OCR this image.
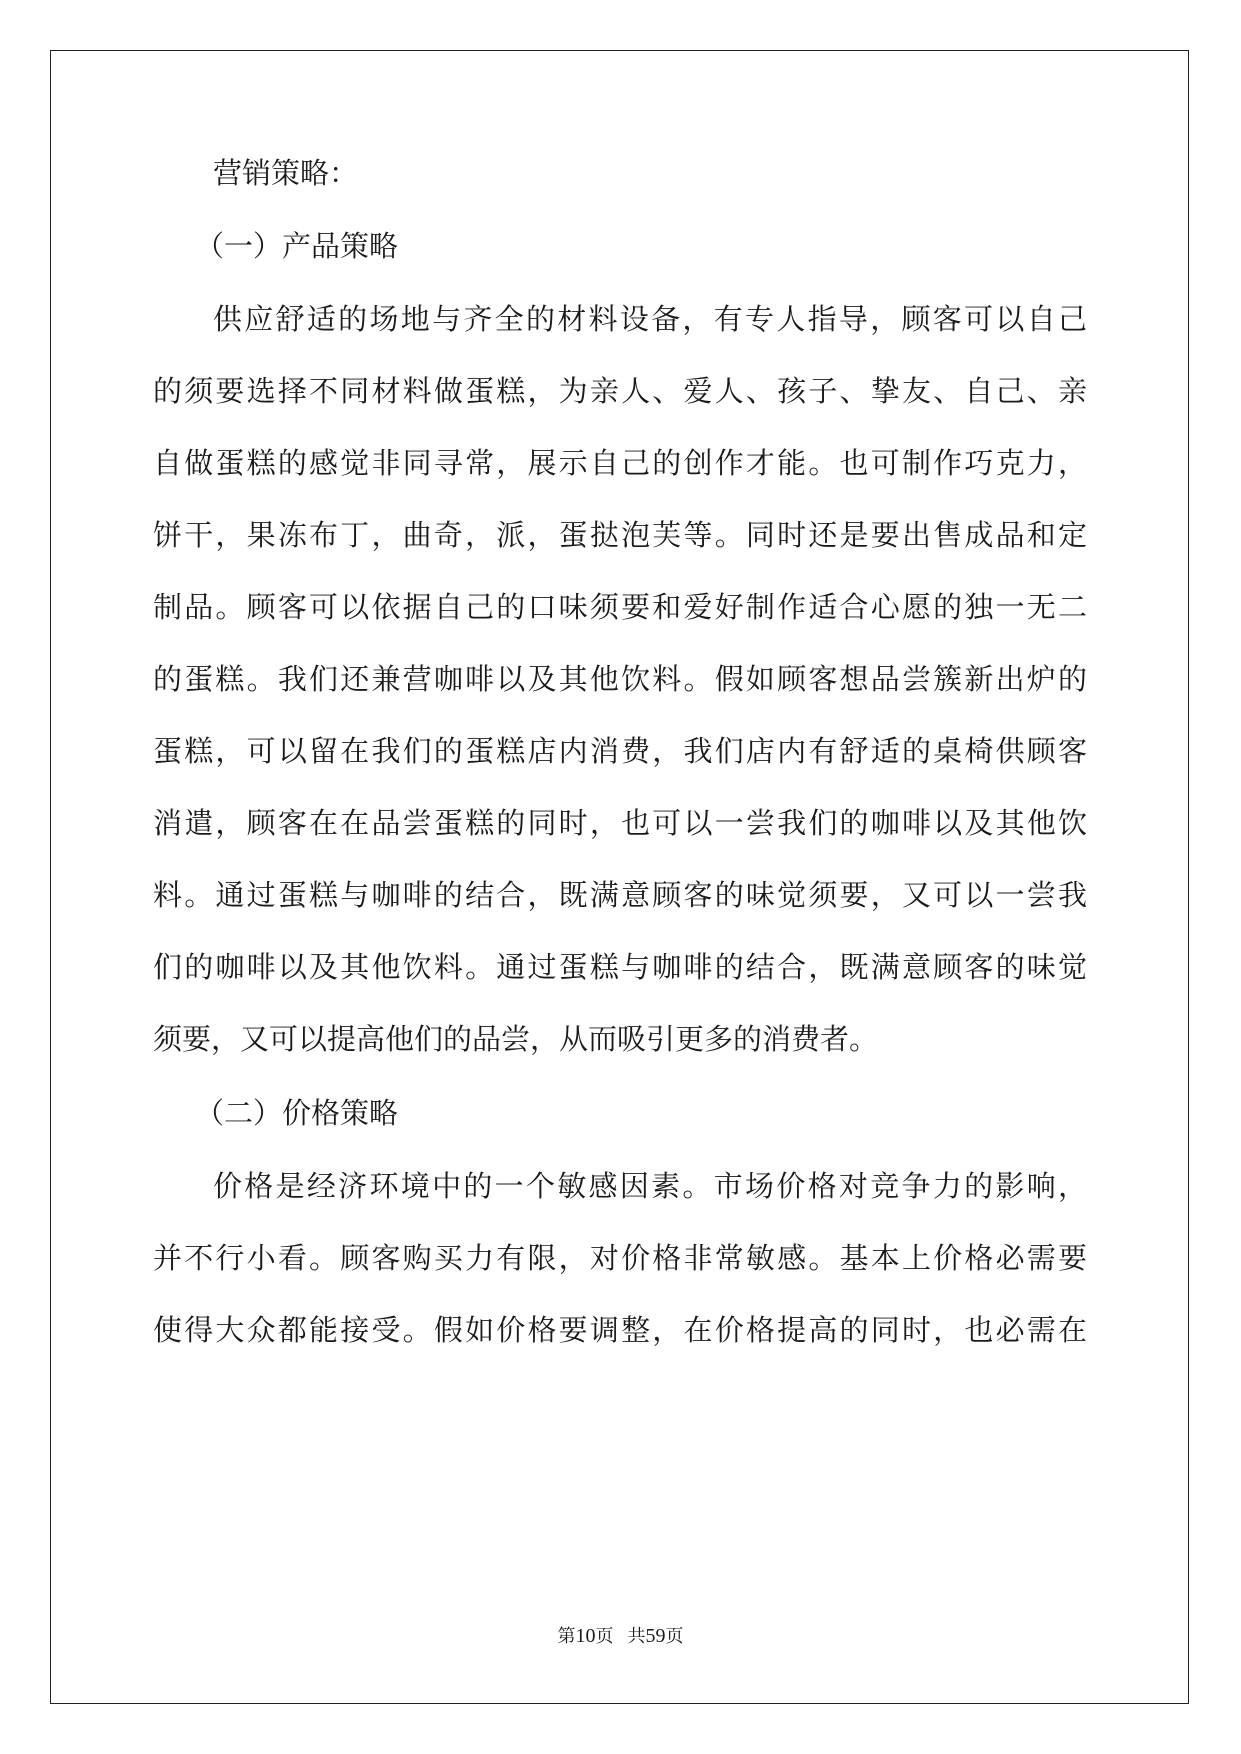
营销策略：
（一）产品策略
供应舒适的场地与齐全的材料设备，有专人指导，顾客可以自己
的须要选择不同材料做蛋糕，为亲人、爱人、孩子、挚友、自己、亲
自做蛋糕的感觉非同寻常，展示自己的创作才能。也可制作巧克力，
饼干，果冻布丁，曲奇，派，蛋挞泡芙等。同时还是要出售成品和定
制品。顾客可以依据自己的口味须要和爱好制作适合心愿的独一无二
的蛋糕。我们还兼营咖啡以及其他饮料。假如顾客想品尝簇新出炉的
蛋糕，可以留在我们的蛋糕店内消费，我们店内有舒适的桌椅供顾客
消遣，顾客在在品尝蛋糕的同时，也可以一尝我们的咖啡以及其他饮
料。通过蛋糕与咖啡的结合，既满意顾客的味觉须要，又可以一尝我
们的咖啡以及其他饮料。通过蛋糕与咖啡的结合，既满意顾客的味觉
须要，又可以提高他们的品尝，从而吸引更多的消费者。
（二）价格策略
价格是经济环境中的一个敏感因素。市场价格对竞争力的影响，
并不行小看。顾客购买力有限，对价格非常敏感。基本上价格必需要
使得大众都能接受。假如价格要调整，在价格提高的同时，也必需在
第10页 共59页
